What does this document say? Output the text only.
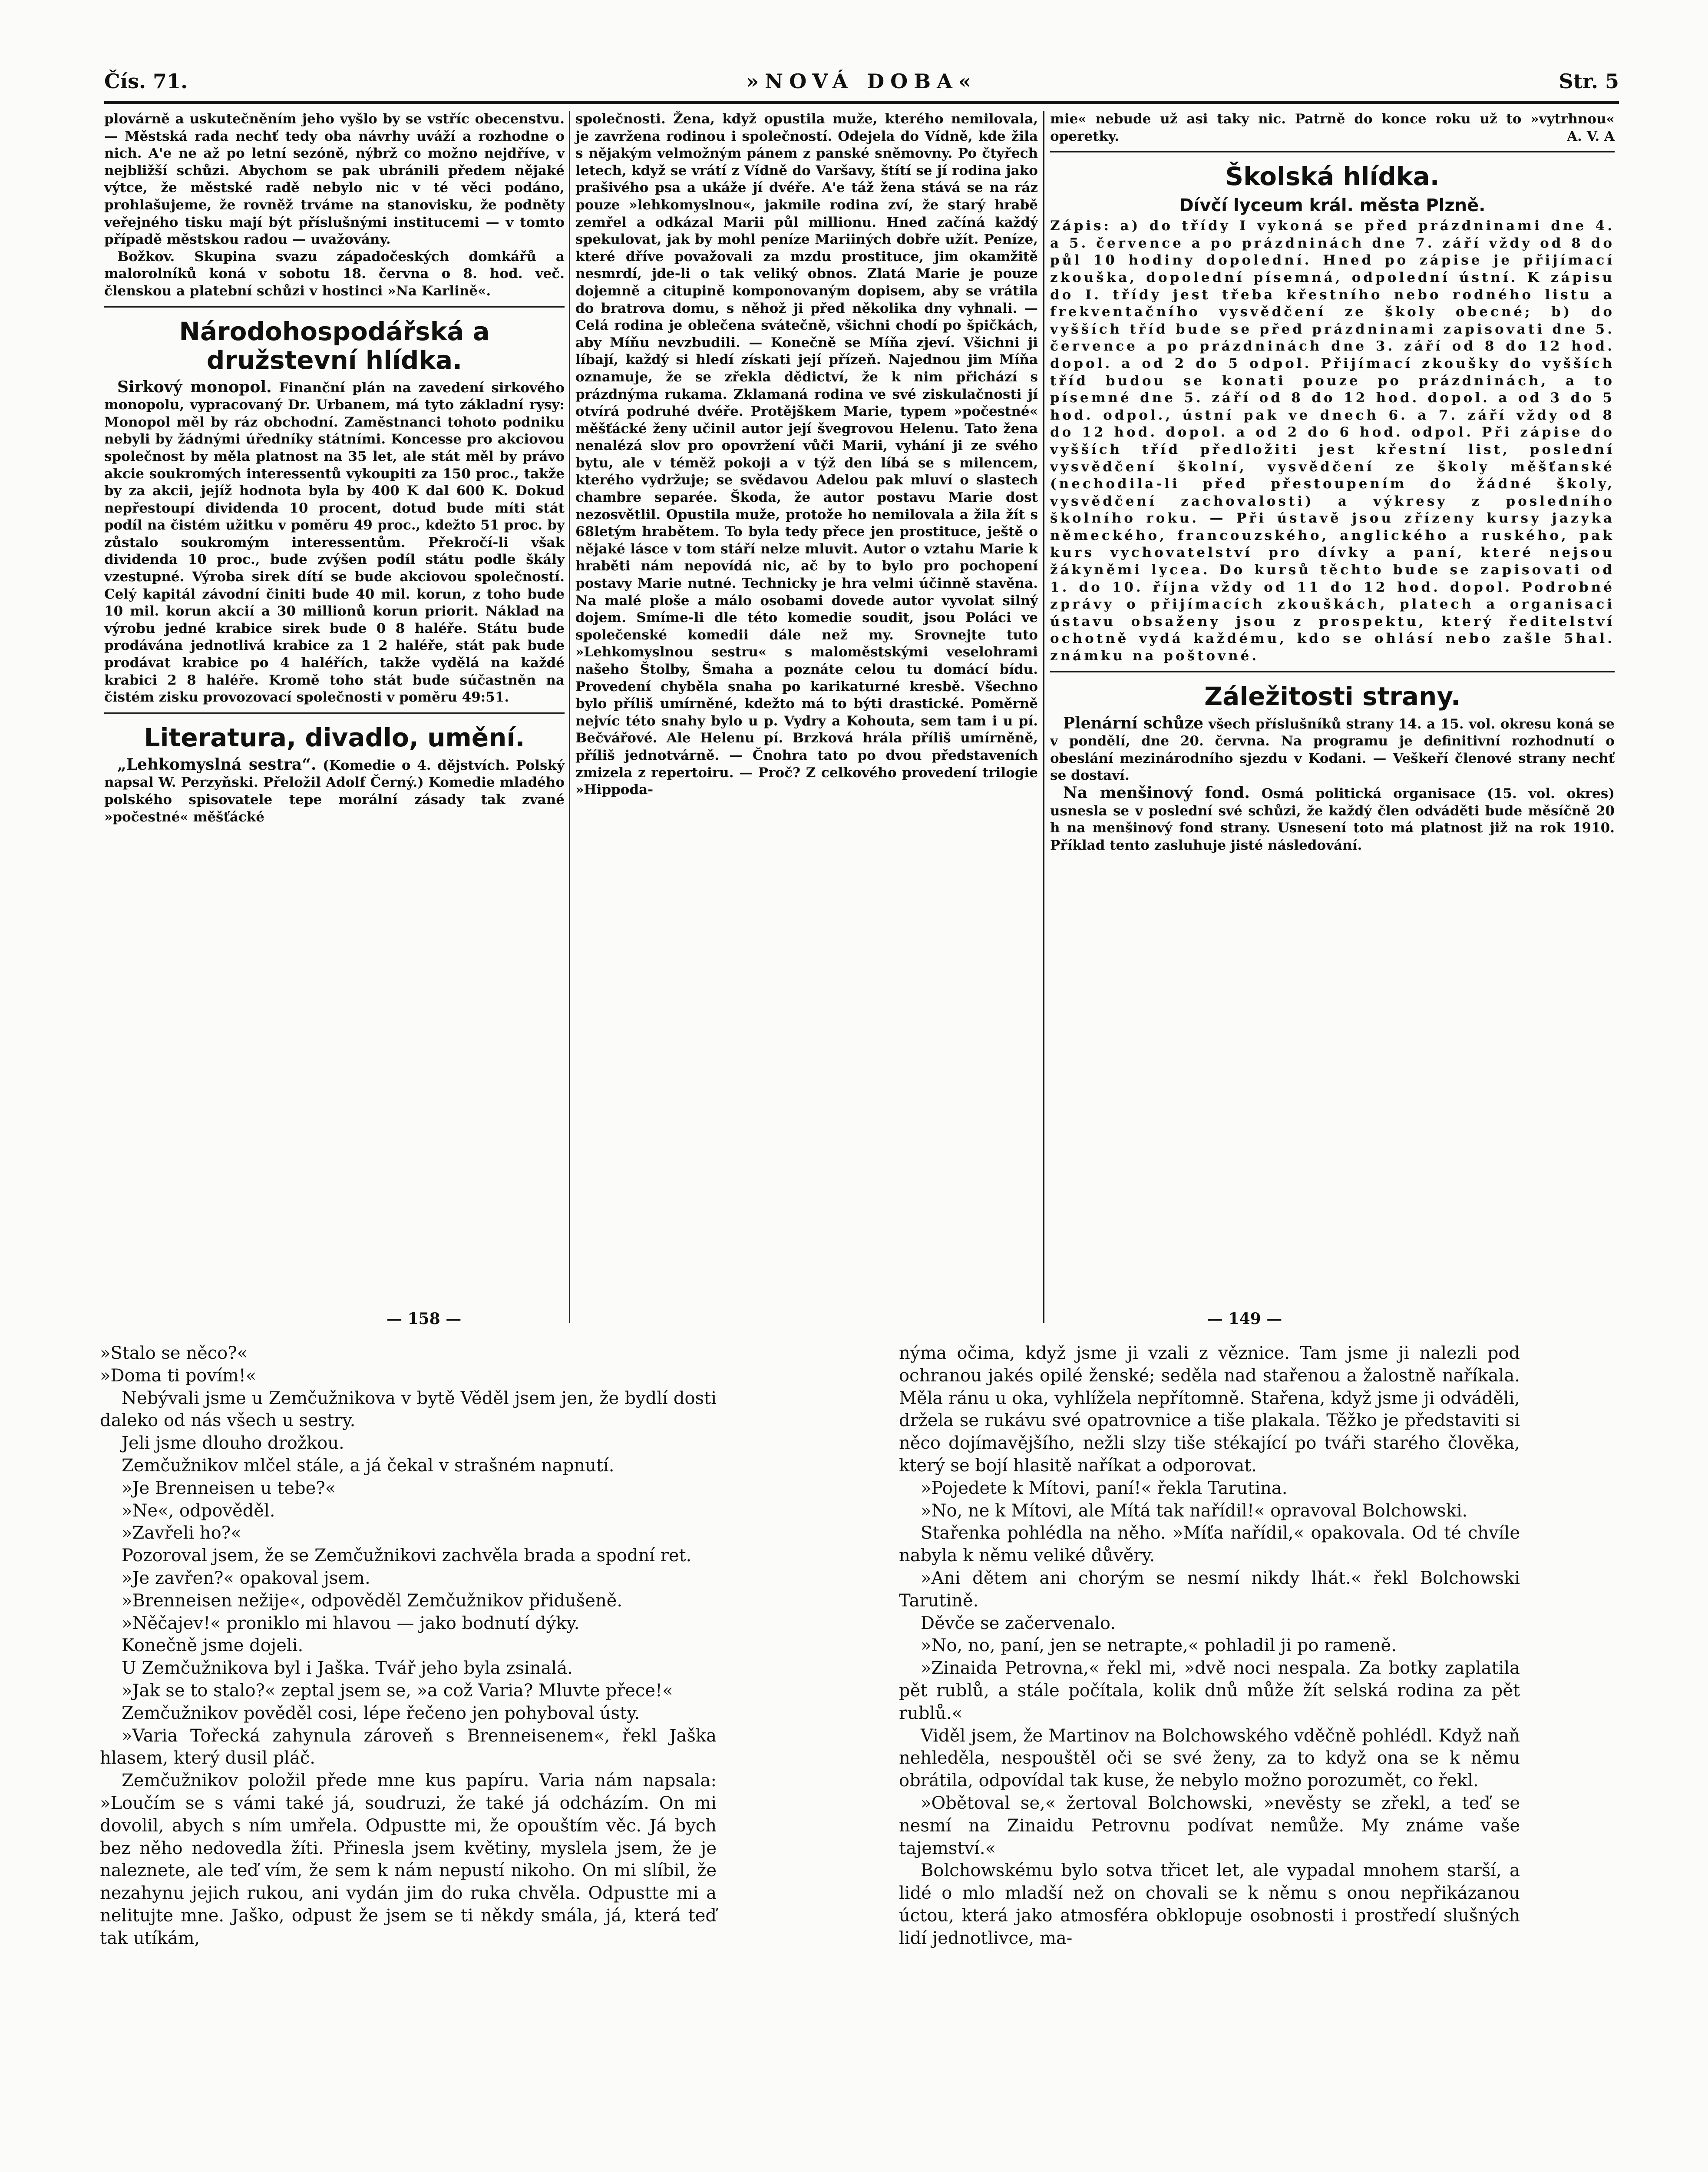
Čís. 71.	»NOVÁ DOBA«	Str. 5

plovárně a uskutečněním jeho vyšlo by se vstříc obecenstvu. — Městská rada nechť tedy oba návrhy uváží a rozhodne o nich. A'e ne až po letní sezóně, nýbrž co možno nejdříve, v nejbližší schůzi. Abychom se pak ubránili předem nějaké výtce, že městské radě nebylo nic v té věci podáno, prohlašujeme, že rovněž trváme na stanovisku, že podněty veřejného tisku mají být příslušnými institucemi — v tomto případě městskou radou — uvažovány.

Božkov. Skupina svazu západočeských domkářů a malorolníků koná v sobotu 18. června o 8. hod. več. členskou a platební schůzi v hostinci »Na Karlině«.

Národohospodářská a družstevní hlídka.

Sirkový monopol. Finanční plán na zavedení sirkového monopolu, vypracovaný Dr. Urbanem, má tyto základní rysy: Monopol měl by ráz obchodní. Zaměstnanci tohoto podniku nebyli by žádnými úředníky státními. Koncesse pro akciovou společnost by měla platnost na 35 let, ale stát měl by právo akcie soukromých interessentů vykoupiti za 150 proc., takže by za akcii, jejíž hodnota byla by 400 K dal 600 K. Dokud nepřestoupí dividenda 10 procent, dotud bude míti stát podíl na čistém užitku v poměru 49 proc., kdežto 51 proc. by zůstalo soukromým interessentům. Překročí-li však dividenda 10 proc., bude zvýšen podíl státu podle škály vzestupné. Výroba sirek dítí se bude akciovou společností. Celý kapitál závodní činiti bude 40 mil. korun, z toho bude 10 mil. korun akcií a 30 millionů korun priorit. Náklad na výrobu jedné krabice sirek bude 0 8 haléře. Státu bude prodávána jednotlivá krabice za 1 2 haléře, stát pak bude prodávat krabice po 4 haléřích, takže vydělá na každé krabici 2 8 haléře. Kromě toho stát bude súčastněn na čistém zisku provozovací společnosti v poměru 49:51.

Literatura, divadlo, umění.

„Lehkomyslná sestra“. (Komedie o 4. dějstvích. Polský napsal W. Perzyňski. Přeložil Adolf Černý.) Komedie mladého polského spisovatele tepe morální zásady tak zvané »počestné« měšťácké

společnosti. Žena, když opustila muže, kterého nemilovala, je zavržena rodinou i společností. Odejela do Vídně, kde žila s nějakým velmožným pánem z panské sněmovny. Po čtyřech letech, když se vrátí z Vídně do Varšavy, štítí se jí rodina jako prašivého psa a ukáže jí dvéře. A'e táž žena stává se na ráz pouze »lehkomyslnou«, jakmile rodina zví, že starý hrabě zemřel a odkázal Marii půl millionu. Hned začíná každý spekulovat, jak by mohl peníze Mariiných dobře užít. Peníze, které dříve považovali za mzdu prostituce, jim okamžitě nesmrdí, jde-li o tak veliký obnos. Zlatá Marie je pouze dojemně a citupině komponovaným dopisem, aby se vrátila do bratrova domu, s něhož ji před několika dny vyhnali. — Celá rodina je oblečena svátečně, všichni chodí po špičkách, aby Míňu nevzbudili. — Konečně se Míňa zjeví. Všichni ji líbají, každý si hledí získati její přízeň. Najednou jim Míňa oznamuje, že se zřekla dědictví, že k nim přichází s prázdnýma rukama. Zklamaná rodina ve své ziskulačnosti jí otvírá podruhé dvéře. Protějškem Marie, typem »počestné« měšťácké ženy učinil autor její švegrovou Helenu. Tato žena nenalézá slov pro opovržení vůči Marii, vyhání ji ze svého bytu, ale v téměž pokoji a v týž den líbá se s milencem, kterého vydržuje; se svědavou Adelou pak mluví o slastech chambre separée. Škoda, že autor postavu Marie dost nezosvětlil. Opustila muže, protože ho nemilovala a žila žít s 68letým hrabětem. To byla tedy přece jen prostituce, ještě o nějaké lásce v tom stáří nelze mluvit. Autor o vztahu Marie k hraběti nám nepovídá nic, ač by to bylo pro pochopení postavy Marie nutné. Technicky je hra velmi účinně stavěna. Na malé ploše a málo osobami dovede autor vyvolat silný dojem. Smíme-li dle této komedie soudit, jsou Poláci ve společenské komedii dále než my. Srovnejte tuto »Lehkomyslnou sestru« s maloměstskými veselohrami našeho Štolby, Šmaha a poznáte celou tu domácí bídu. Provedení chyběla snaha po karikaturné kresbě. Všechno bylo příliš umírněné, kdežto má to býti drastické. Poměrně nejvíc této snahy bylo u p. Vydry a Kohouta, sem tam i u pí. Bečvářové. Ale Helenu pí. Brzková hrála příliš umírněně, příliš jednotvárně. — Čnohra tato po dvou představeních zmizela z repertoiru. — Proč? Z celkového provedení trilogie »Hippoda-

mie« nebude už asi taky nic. Patrně do konce roku už to »vytrhnou« operetky.	A. V. A

Školská hlídka.
Dívčí lyceum král. města Plzně.

Zápis: a) do třídy I vykoná se před prázdninami dne 4. a 5. července a po prázdninách dne 7. září vždy od 8 do půl 10 hodiny dopolední. Hned po zápise je přijímací zkouška, dopolední písemná, odpolední ústní. K zápisu do I. třídy jest třeba křestního nebo rodného listu a frekventačního vysvědčení ze školy obecné; b) do vyšších tříd bude se před prázdninami zapisovati dne 5. července a po prázdninách dne 3. září od 8 do 12 hod. dopol. a od 2 do 5 odpol. Přijímací zkoušky do vyšších tříd budou se konati pouze po prázdninách, a to písemné dne 5. září od 8 do 12 hod. dopol. a od 3 do 5 hod. odpol., ústní pak ve dnech 6. a 7. září vždy od 8 do 12 hod. dopol. a od 2 do 6 hod. odpol. Při zápise do vyšších tříd předložiti jest křestní list, poslední vysvědčení školní, vysvědčení ze školy měšťanské (nechodila-li před přestoupením do žádné školy, vysvědčení zachovalosti) a výkresy z posledního školního roku. — Při ústavě jsou zřízeny kursy jazyka německého, francouzského, anglického a ruského, pak kurs vychovatelství pro dívky a paní, které nejsou žákyněmi lycea. Do kursů těchto bude se zapisovati od 1. do 10. října vždy od 11 do 12 hod. dopol. Podrobné zprávy o přijímacích zkouškách, platech a organisaci ústavu obsaženy jsou z prospektu, který ředitelství ochotně vydá každému, kdo se ohlásí nebo zašle 5hal. známku na poštovné.

Záležitosti strany.

Plenární schůze všech příslušníků strany 14. a 15. vol. okresu koná se v pondělí, dne 20. června. Na programu je definitivní rozhodnutí o obeslání mezinárodního sjezdu v Kodani. — Veškeří členové strany nechť se dostaví.

Na menšinový fond. Osmá politická organisace (15. vol. okres) usnesla se v poslední své schůzi, že každý člen odváděti bude měsíčně 20 h na menšinový fond strany. Usnesení toto má platnost již na rok 1910. Příklad tento zasluhuje jisté následování.

— 158 —	— 149 —

»Stalo se něco?«

»Doma ti povím!«

Nebývali jsme u Zemčužnikova v bytě Věděl jsem jen, že bydlí dosti daleko od nás všech u sestry.

Jeli jsme dlouho drožkou.

Zemčužnikov mlčel stále, a já čekal v strašném napnutí.

»Je Brenneisen u tebe?«

»Ne«, odpověděl.

»Zavřeli ho?«

Pozoroval jsem, že se Zemčužnikovi zachvěla brada a spodní ret.

»Je zavřen?« opakoval jsem.

»Brenneisen nežije«, odpověděl Zemčužnikov přidušeně.

»Něčajev!« proniklo mi hlavou — jako bodnutí dýky.

Konečně jsme dojeli.

U Zemčužnikova byl i Jaška. Tvář jeho byla zsinalá.

»Jak se to stalo?« zeptal jsem se, »a což Varia? Mluvte přece!«

Zemčužnikov pověděl cosi, lépe řečeno jen pohyboval ústy.

»Varia Tořecká zahynula zároveň s Brenneisenem«, řekl Jaška hlasem, který dusil pláč.

Zemčužnikov položil přede mne kus papíru. Varia nám napsala: »Loučím se s vámi také já, soudruzi, že také já odcházím. On mi dovolil, abych s ním umřela. Odpustte mi, že opouštím věc. Já bych bez něho nedovedla žíti. Přinesla jsem květiny, myslela jsem, že je naleznete, ale teď vím, že sem k nám nepustí nikoho. On mi slíbil, že nezahynu jejich rukou, ani vydán jim do ruka chvěla. Odpustte mi a nelitujte mne. Jaško, odpust že jsem se ti někdy smála, já, která teď tak utíkám,

nýma očima, když jsme ji vzali z věznice. Tam jsme ji nalezli pod ochranou jakés opilé ženské; seděla nad stařenou a žalostně naříkala. Měla ránu u oka, vyhlížela nepřítomně. Stařena, když jsme ji odváděli, držela se rukávu své opatrovnice a tiše plakala. Těžko je představiti si něco dojímavějšího, nežli slzy tiše stékající po tváři starého člověka, který se bojí hlasitě naříkat a odporovat.

»Pojedete k Mítovi, paní!« řekla Tarutina.

»No, ne k Mítovi, ale Mítá tak nařídil!« opravoval Bolchowski.

Stařenka pohlédla na něho. »Míťa nařídil,« opakovala. Od té chvíle nabyla k němu veliké důvěry.

»Ani dětem ani chorým se nesmí nikdy lhát.« řekl Bolchowski Tarutině.

Děvče se začervenalo.

»No, no, paní, jen se netrapte,« pohladil ji po rameně.

»Zinaida Petrovna,« řekl mi, »dvě noci nespala. Za botky zaplatila pět rublů, a stále počítala, kolik dnů může žít selská rodina za pět rublů.«

Viděl jsem, že Martinov na Bolchowského vděčně pohlédl. Když naň nehleděla, nespouštěl oči se své ženy, za to když ona se k němu obrátila, odpovídal tak kuse, že nebylo možno porozumět, co řekl.

»Obětoval se,« žertoval Bolchowski, »nevěsty se zřekl, a teď se nesmí na Zinaidu Petrovnu podívat nemůže. My známe vaše tajemství.«

Bolchowskému bylo sotva třicet let, ale vypadal mnohem starší, a lidé o mlo mladší než on chovali se k němu s onou nepřikázanou úctou, která jako atmosféra obklopuje osobnosti i prostředí slušných lidí jednotlivce, ma-
